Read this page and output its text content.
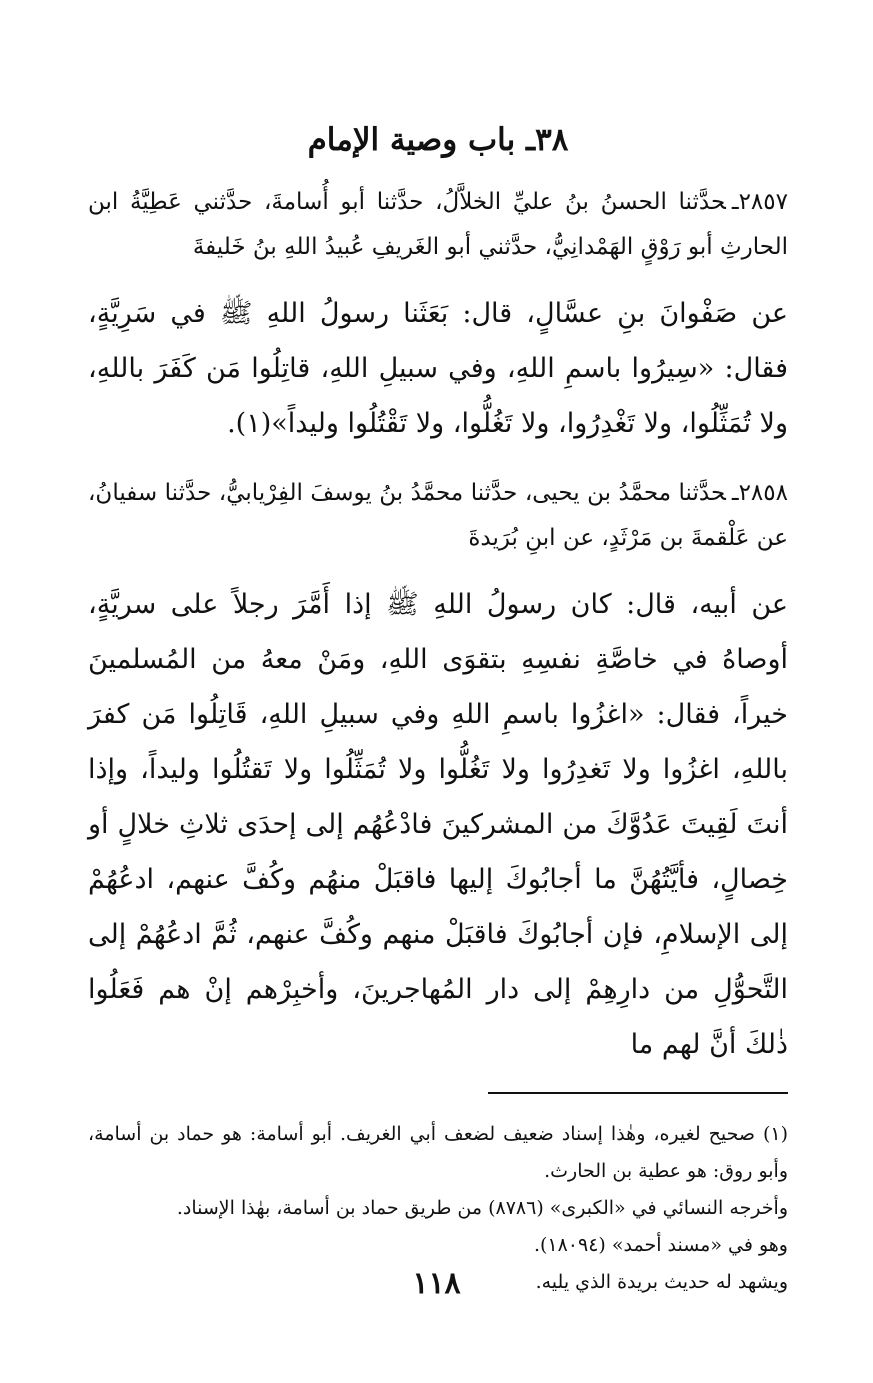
٣٨ـ باب وصية الإمام

٢٨٥٧ـحدَّثنا الحسنُ بنُ عليِّ الخلاَّلُ، حدَّثنا أبو أُسامةَ، حدَّثني عَطِيَّةُ ابن الحارثِ أبو رَوْقٍ الهَمْدانِيُّ، حدَّثني أبو الغَريفِ عُبيدُ اللهِ بنُ خَليفةَ

عن صَفْوانَ بنِ عسَّالٍ، قال: بَعَثَنا رسولُ اللهِ ﷺ في سَرِيَّةٍ، فقال: «سِيرُوا باسمِ اللهِ، وفي سبيلِ اللهِ، قاتِلُوا مَن كَفَرَ باللهِ، ولا تُمَثِّلُوا، ولا تَغْدِرُوا، ولا تَغُلُّوا، ولا تَقْتُلُوا وليداً»(١).

٢٨٥٨ـحدَّثنا محمَّدُ بن يحيى، حدَّثنا محمَّدُ بنُ يوسفَ الفِرْيابيُّ، حدَّثنا سفيانُ، عن عَلْقمةَ بن مَرْثَدٍ، عن ابنِ بُرَيدةَ

عن أبيه، قال: كان رسولُ اللهِ ﷺ إذا أَمَّرَ رجلاً على سريَّةٍ، أوصاهُ في خاصَّةِ نفسِهِ بتقوَى اللهِ، ومَنْ معهُ من المُسلمينَ خيراً، فقال: «اغزُوا باسمِ اللهِ وفي سبيلِ اللهِ، قَاتِلُوا مَن كفرَ باللهِ، اغزُوا ولا تَغدِرُوا ولا تَغُلُّوا ولا تُمَثِّلُوا ولا تَقتُلُوا وليداً، وإذا أنتَ لَقِيتَ عَدُوَّكَ من المشركينَ فادْعُهُم إلى إحدَى ثلاثِ خلالٍ أو خِصالٍ، فأيَّتُهُنَّ ما أجابُوكَ إليها فاقبَلْ منهُم وكُفَّ عنهم، ادعُهُمْ إلى الإسلامِ، فإن أجابُوكَ فاقبَلْ منهم وكُفَّ عنهم، ثُمَّ ادعُهُمْ إلى التَّحوُّلِ من دارِهِمْ إلى دار المُهاجرينَ، وأخبِرْهم إنْ هم فَعَلُوا ذٰلكَ أنَّ لهم ما

(١) صحيح لغيره، وهٰذا إسناد ضعيف لضعف أبي الغريف. أبو أسامة: هو حماد بن أسامة، وأبو روق: هو عطية بن الحارث.

وأخرجه النسائي في «الكبرى» (٨٧٨٦) من طريق حماد بن أسامة، بهٰذا الإسناد.

وهو في «مسند أحمد» (١٨٠٩٤).

ويشهد له حديث بريدة الذي يليه.

١١٨
